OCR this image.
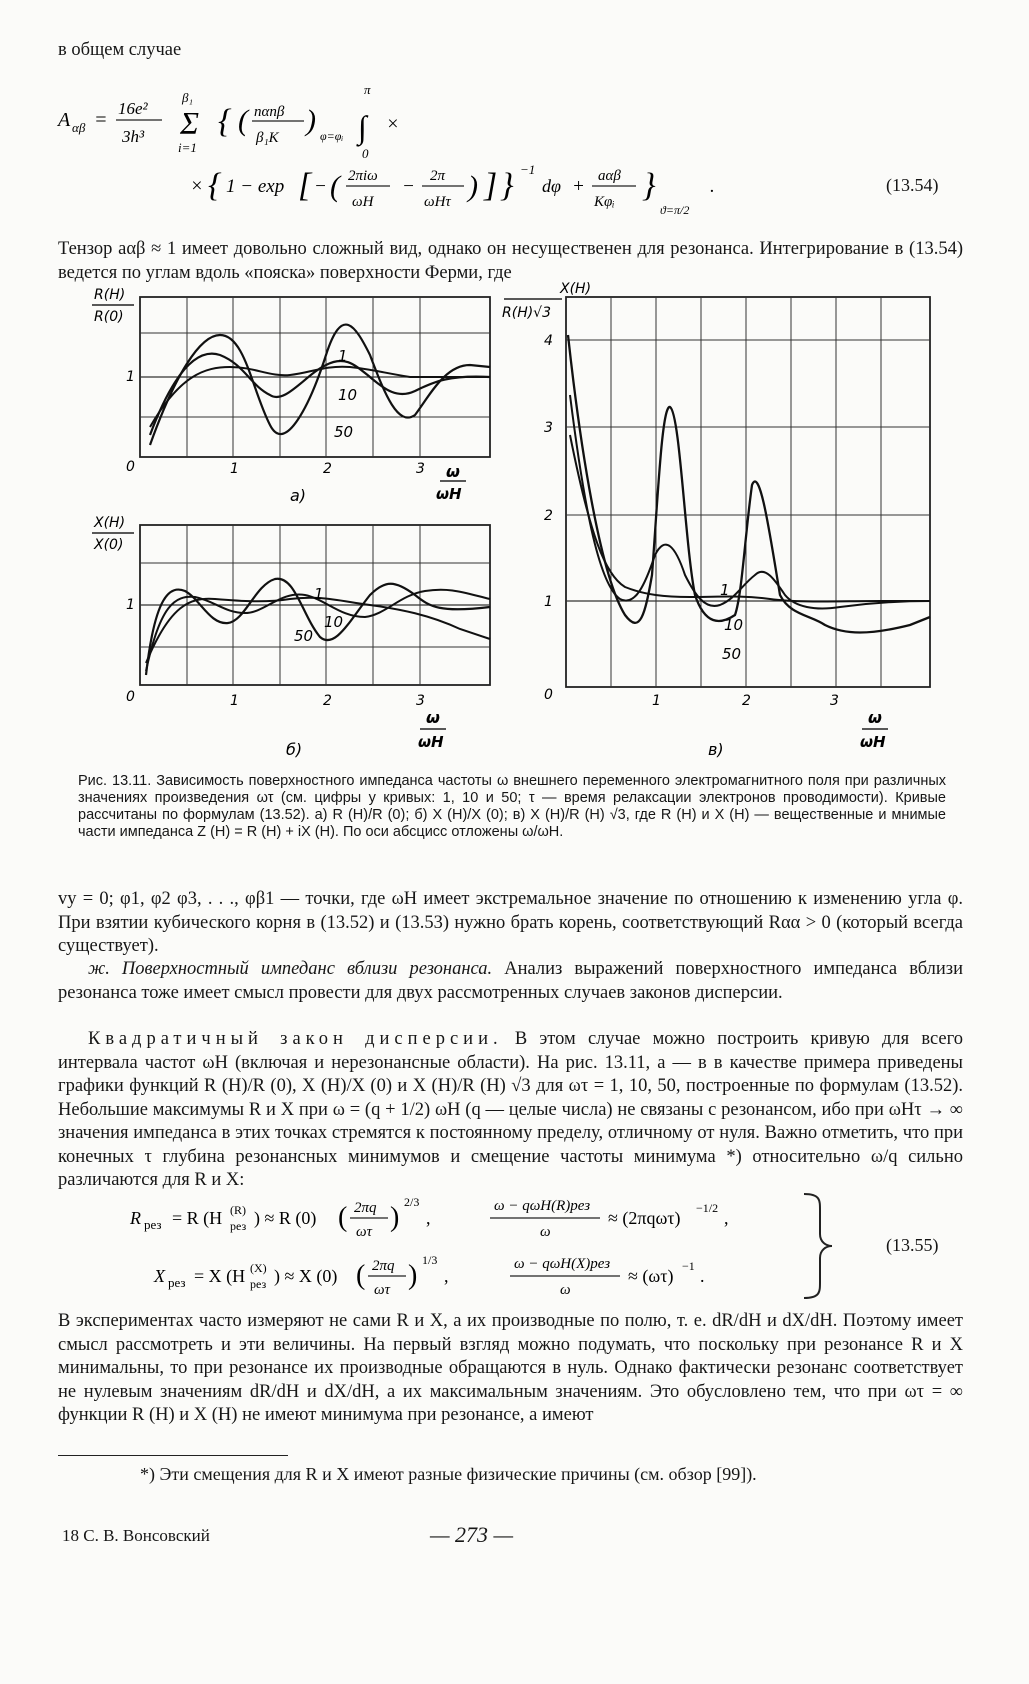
в общем случае
A αβ =
16e²
3h³ Σ
β₁
i=1
{ ( nαnβ
β₁K
) φ=φᵢ ∫
π
0
×
× { 1 − exp [ − ( 2πiω
ωH
− 2π
ωHτ ) ] } −1
dφ + aαβ
Kφᵢ }
ϑ=π/2
.	(13.54)

Тензор aαβ ≈ 1 имеет довольно сложный вид, однако он несущественен для резонанса. Интегрирование в (13.54) ведется по углам вдоль «пояска» поверхности Ферми, где

1
10
50
1
0	1	2	3 ω
ωH
R(H)
R(0)
а)
1
10
50
1
0	1	2	3
ω
ωH
X(H)
X(0)
б)
1
10
50
4
3
2
1
0	1	2	3
ω
ωH
X(H)
R(H)√3
в)
Рис. 13.11. Зависимость поверхностного импеданса частоты ω внешнего переменного электромагнитного поля при различных значениях произведения ωτ (см. цифры у кривых: 1, 10 и 50; τ — время релаксации электронов проводимости). Кривые рассчитаны по формулам (13.52). а) R (H)/R (0); б) X (H)/X (0); в) X (H)/R (H) √3, где R (H) и X (H) — вещественные и мнимые части импеданса Z (H) = R (H) + iX (H). По оси абсцисс отложены ω/ωH.

vy = 0; φ1, φ2 φ3, . . ., φβ1 — точки, где ωH имеет экстремальное значение по отношению к изменению угла φ. При взятии кубического корня в (13.52) и (13.53) нужно брать корень, соответствующий Rαα > 0 (который всегда существует).

ж. Поверхностный импеданс вблизи резонанса. Анализ выражений поверхностного импеданса вблизи резонанса тоже имеет смысл провести для двух рассмотренных случаев законов дисперсии.

Квадратичный закон дисперсии. В этом случае можно построить кривую для всего интервала частот ωH (включая и нерезонансные области). На рис. 13.11, а — в в качестве примера приведены графики функций R (H)/R (0), X (H)/X (0) и X (H)/R (H) √3 для ωτ = 1, 10, 50, построенные по формулам (13.52). Небольшие максимумы R и X при ω = (q + 1/2) ωH (q — целые числа) не связаны с резонансом, ибо при ωHτ → ∞ значения импеданса в этих точках стремятся к постоянному пределу, отличному от нуля. Важно отметить, что при конечных τ глубина резонансных минимумов и смещение частоты минимума *) относительно ω/q сильно различаются для R и X:

R рез = R (H (R)
рез ) ≈ R (0) ( 2πq
ωτ ) 2/3
,
ω − qωH(R)рез
ω
≈ (2πqωτ) −1/2 ,
X рез = X (H (X)
рез ) ≈ X (0) ( 2πq
ωτ ) 1/3
,
ω − qωH(X)рез
ω
≈ (ωτ) −1 .
(13.55)

В экспериментах часто измеряют не сами R и X, а их производные по полю, т. е. dR/dH и dX/dH. Поэтому имеет смысл рассмотреть и эти величины. На первый взгляд можно подумать, что поскольку при резонансе R и X минимальны, то при резонансе их производные обращаются в нуль. Однако фактически резонанс соответствует не нулевым значениям dR/dH и dX/dH, а их максимальным значениям. Это обусловлено тем, что при ωτ = ∞ функции R (H) и X (H) не имеют минимума при резонансе, а имеют

*) Эти смещения для R и X имеют разные физические причины (см. обзор [99]).
18 С. В. Вонсовский	— 273 —
